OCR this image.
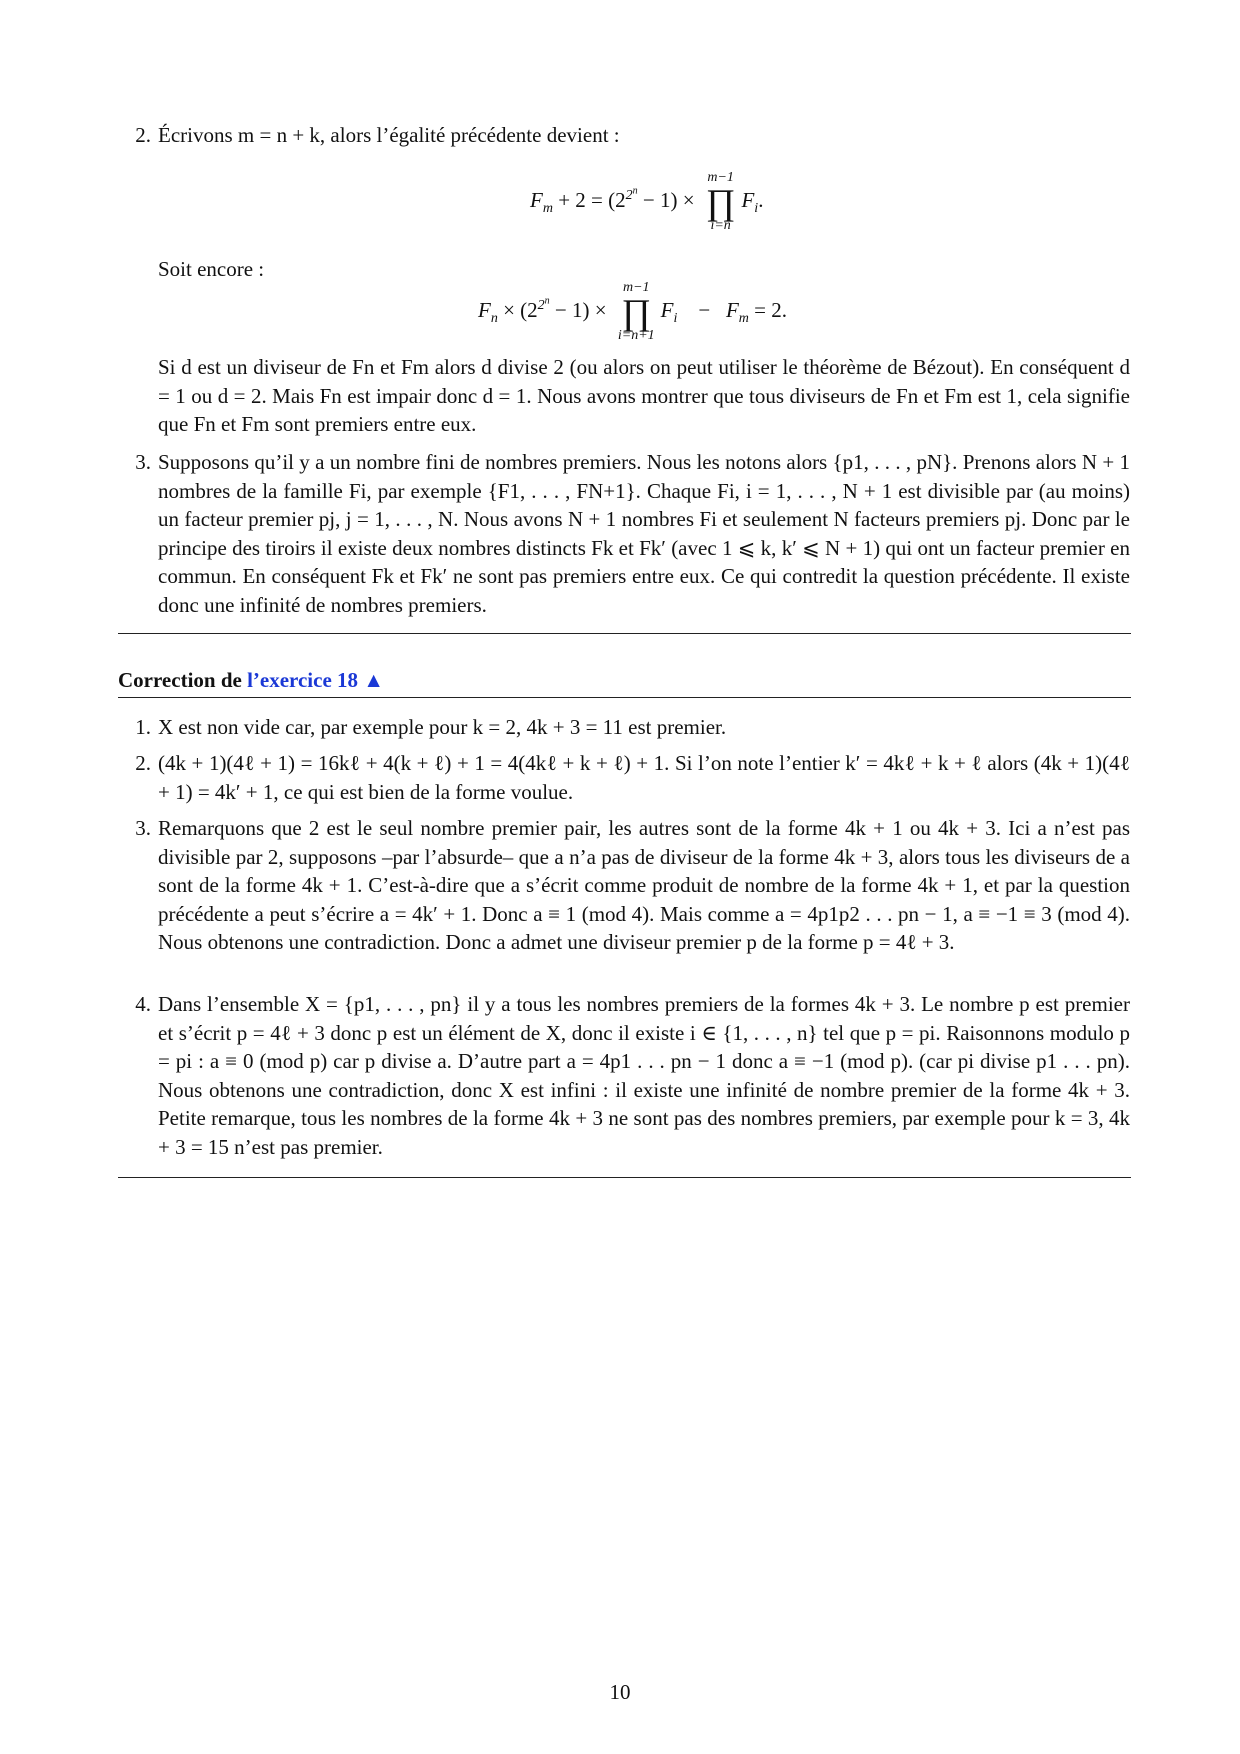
2. Écrivons m = n + k, alors l’égalité précédente devient :

$F_m + 2 = (2^{2^n} - 1)$ ×
m−1
∏
i=n
$F_i$.

Soit encore :

$F_n \times (2^{2^n} - 1)$ ×
m−1
∏
i=n+1
$F_i$    −   $F_m = 2$.

Si d est un diviseur de Fn et Fm alors d divise 2 (ou alors on peut utiliser le théorème de Bézout). En conséquent d = 1 ou d = 2. Mais Fn est impair donc d = 1. Nous avons montrer que tous diviseurs de Fn et Fm est 1, cela signifie que Fn et Fm sont premiers entre eux.

3. Supposons qu’il y a un nombre fini de nombres premiers. Nous les notons alors {p1, . . . , pN}. Prenons alors N + 1 nombres de la famille Fi, par exemple {F1, . . . , FN+1}. Chaque Fi, i = 1, . . . , N + 1 est divisible par (au moins) un facteur premier pj, j = 1, . . . , N. Nous avons N + 1 nombres Fi et seulement N facteurs premiers pj. Donc par le principe des tiroirs il existe deux nombres distincts Fk et Fk′ (avec 1 ⩽ k, k′ ⩽ N + 1) qui ont un facteur premier en commun. En conséquent Fk et Fk′ ne sont pas premiers entre eux. Ce qui contredit la question précédente. Il existe donc une infinité de nombres premiers.

Correction de l’exercice 18 ▲
1. X est non vide car, par exemple pour k = 2, 4k + 3 = 11 est premier.

2. (4k + 1)(4ℓ + 1) = 16kℓ + 4(k + ℓ) + 1 = 4(4kℓ + k + ℓ) + 1. Si l’on note l’entier k′ = 4kℓ + k + ℓ alors (4k + 1)(4ℓ + 1) = 4k′ + 1, ce qui est bien de la forme voulue.

3. Remarquons que 2 est le seul nombre premier pair, les autres sont de la forme 4k + 1 ou 4k + 3. Ici a n’est pas divisible par 2, supposons –par l’absurde– que a n’a pas de diviseur de la forme 4k + 3, alors tous les diviseurs de a sont de la forme 4k + 1. C’est-à-dire que a s’écrit comme produit de nombre de la forme 4k + 1, et par la question précédente a peut s’écrire a = 4k′ + 1. Donc a ≡ 1 (mod 4). Mais comme a = 4p1p2 . . . pn − 1, a ≡ −1 ≡ 3 (mod 4). Nous obtenons une contradiction. Donc a admet une diviseur premier p de la forme p = 4ℓ + 3.

4. Dans l’ensemble X = {p1, . . . , pn} il y a tous les nombres premiers de la formes 4k + 3. Le nombre p est premier et s’écrit p = 4ℓ + 3 donc p est un élément de X, donc il existe i ∈ {1, . . . , n} tel que p = pi. Raisonnons modulo p = pi : a ≡ 0 (mod p) car p divise a. D’autre part a = 4p1 . . . pn − 1 donc a ≡ −1 (mod p). (car pi divise p1 . . . pn). Nous obtenons une contradiction, donc X est infini : il existe une infinité de nombre premier de la forme 4k + 3. Petite remarque, tous les nombres de la forme 4k + 3 ne sont pas des nombres premiers, par exemple pour k = 3, 4k + 3 = 15 n’est pas premier.

10
